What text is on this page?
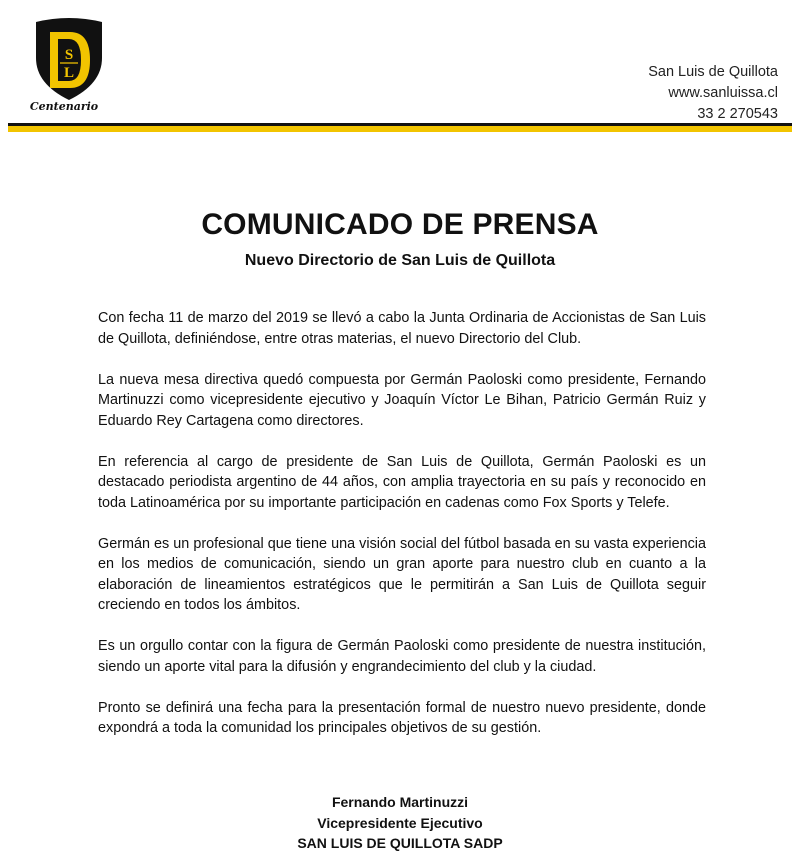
S
L
Centenario
San Luis de Quillota
www.sanluissa.cl
33 2 270543
COMUNICADO DE PRENSA
Nuevo Directorio de San Luis de Quillota

Con fecha 11 de marzo del 2019 se llevó a cabo la Junta Ordinaria de Accionistas de San Luis de Quillota, definiéndose, entre otras materias, el nuevo Directorio del Club.

La nueva mesa directiva quedó compuesta por Germán Paoloski como presidente, Fernando Martinuzzi como vicepresidente ejecutivo y Joaquín Víctor Le Bihan, Patricio Germán Ruiz y Eduardo Rey Cartagena como directores.

En referencia al cargo de presidente de San Luis de Quillota, Germán Paoloski es un destacado periodista argentino de 44 años, con amplia trayectoria en su país y reconocido en toda Latinoamérica por su importante participación en cadenas como Fox Sports y Telefe.

Germán es un profesional que tiene una visión social del fútbol basada en su vasta experiencia en los medios de comunicación, siendo un gran aporte para nuestro club en cuanto a la elaboración de lineamientos estratégicos que le permitirán a San Luis de Quillota seguir creciendo en todos los ámbitos.

Es un orgullo contar con la figura de Germán Paoloski como presidente de nuestra institución, siendo un aporte vital para la difusión y engrandecimiento del club y la ciudad.

Pronto se definirá una fecha para la presentación formal de nuestro nuevo presidente, donde expondrá a toda la comunidad los principales objetivos de su gestión.

Fernando Martinuzzi
Vicepresidente Ejecutivo
SAN LUIS DE QUILLOTA SADP
